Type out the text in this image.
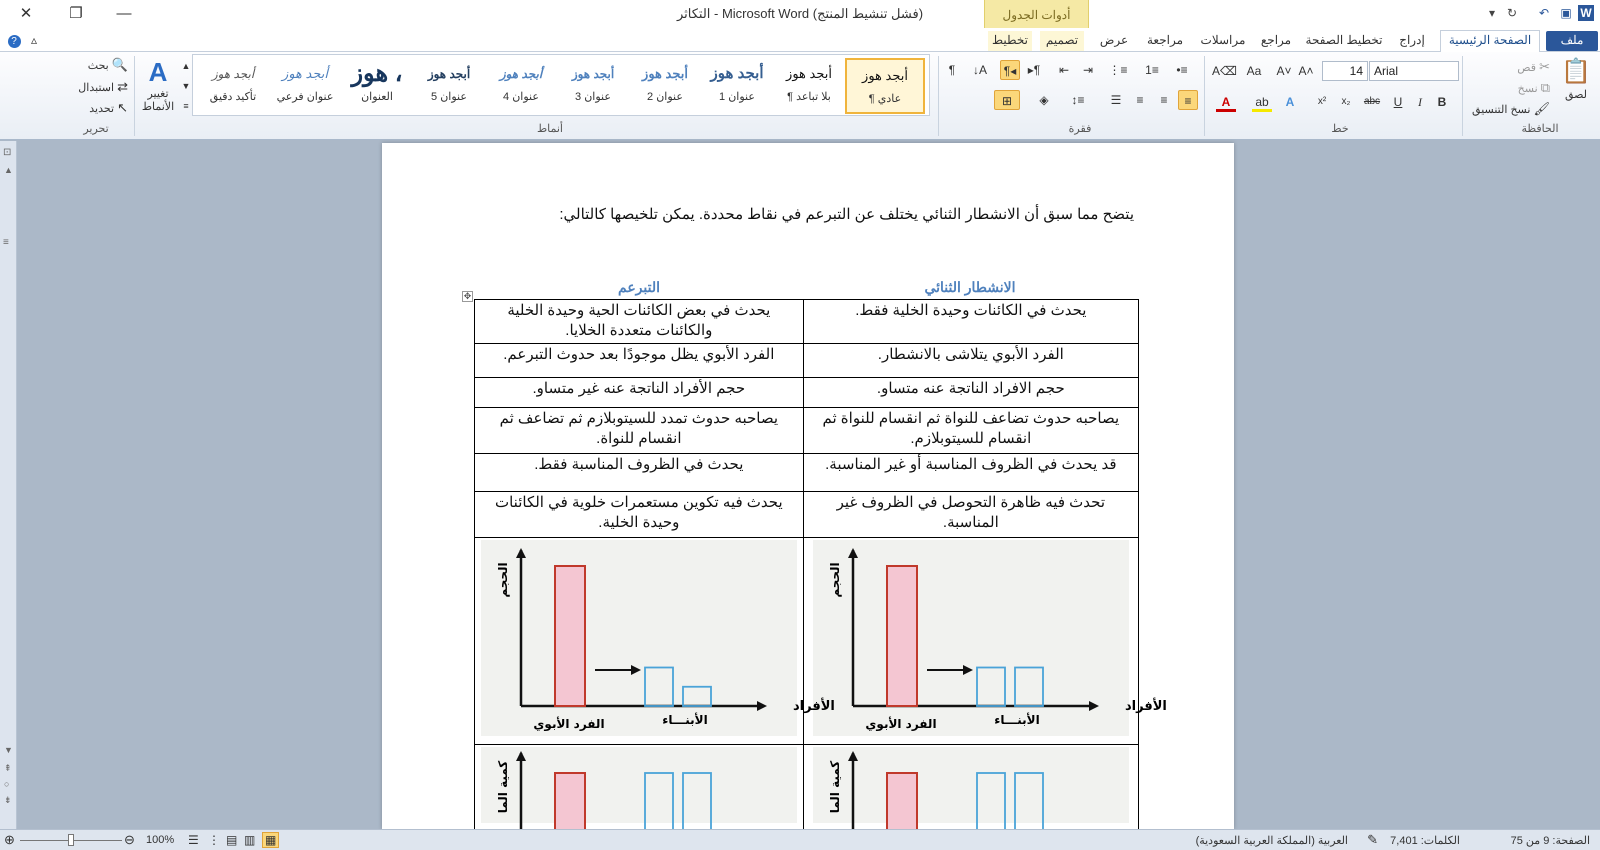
✕	❐	—	التكاثر - Microsoft Word (فشل تنشيط المنتج)	أدوات الجدول	W
▣
↶
↻
▾
?	▵	تخطيط	تصميم	عرض	مراجعة	مراسلات	مراجع	تخطيط الصفحة	إدراج	الصفحة الرئيسية	ملف
بحث 🔍
استبدال ⇄
تحديد ↖
تحرير
A
تغيير الأنماط
▲
▼
≡
أبجد هوز
تأكيد دقيق
أبجد هوز
عنوان فرعي
هوز ،
العنوان
أبجد هوز
عنوان 5
أبجد هوز
عنوان 4
أبجد هوز
عنوان 3
أبجد هوز
عنوان 2
أبجد هوز
عنوان 1
أبجد هوز
¶ بلا تباعد
أبجد هوز
¶ عادي
أنماط
¶	↓A	¶◂ ▸¶	⇤	⇥	⋮≡ 1≡	•≡
⊞	◈	↕≡	☰	≡	≡	≡
فقرة
14 Arial
A˄
A˅
Aa
A⌫
B
I
U
abc
x₂
x²
A
ab
A
خط
📋
لصق
قص ✂
نسخ ⧉
نسخ التنسيق 🖌
الحافظة
⊡
▲
≡
▼
⇞
○
⇟
يتضح مما سبق أن الانشطار الثنائي يختلف عن التبرعم في نقاط محددة. يمكن تلخيصها كالتالي:
الانشطار الثنائي
التبرعم
✥
يحدث في الكائنات وحيدة الخلية فقط.	يحدث في بعض الكائنات الحية وحيدة الخلية والكائنات متعددة الخلايا.
الفرد الأبوي يتلاشى بالانشطار.	الفرد الأبوي يظل موجودًا بعد حدوث التبرعم.
حجم الافراد الناتجة عنه متساو.	حجم الأفراد الناتجة عنه غير متساو.
يصاحبه حدوث تضاعف للنواة ثم انقسام للنواة ثم انقسام للسيتوبلازم.	يصاحبه حدوث تمدد للسيتوبلازم ثم تضاعف ثم انقسام للنواة.
قد يحدث في الظروف المناسبة أو غير المناسبة.	يحدث في الظروف المناسبة فقط.
تحدث فيه ظاهرة التحوصل في الظروف غير المناسبة.	يحدث فيه تكوين مستعمرات خلوية في الكائنات وحيدة الخلية.

الأفراد
الفرد الأبوي الأبنـــاء
الحجم	الأفراد
الفرد الأبوي الأبنـــاء
الحجم

كمية الما	كمية الما
الصفحة: 9 من 75
الكلمات: 7,401
✎
العربية (المملكة العربية السعودية)
⊕	⊖ 100% ☰ ⋮ ▤ ▥ ▦
